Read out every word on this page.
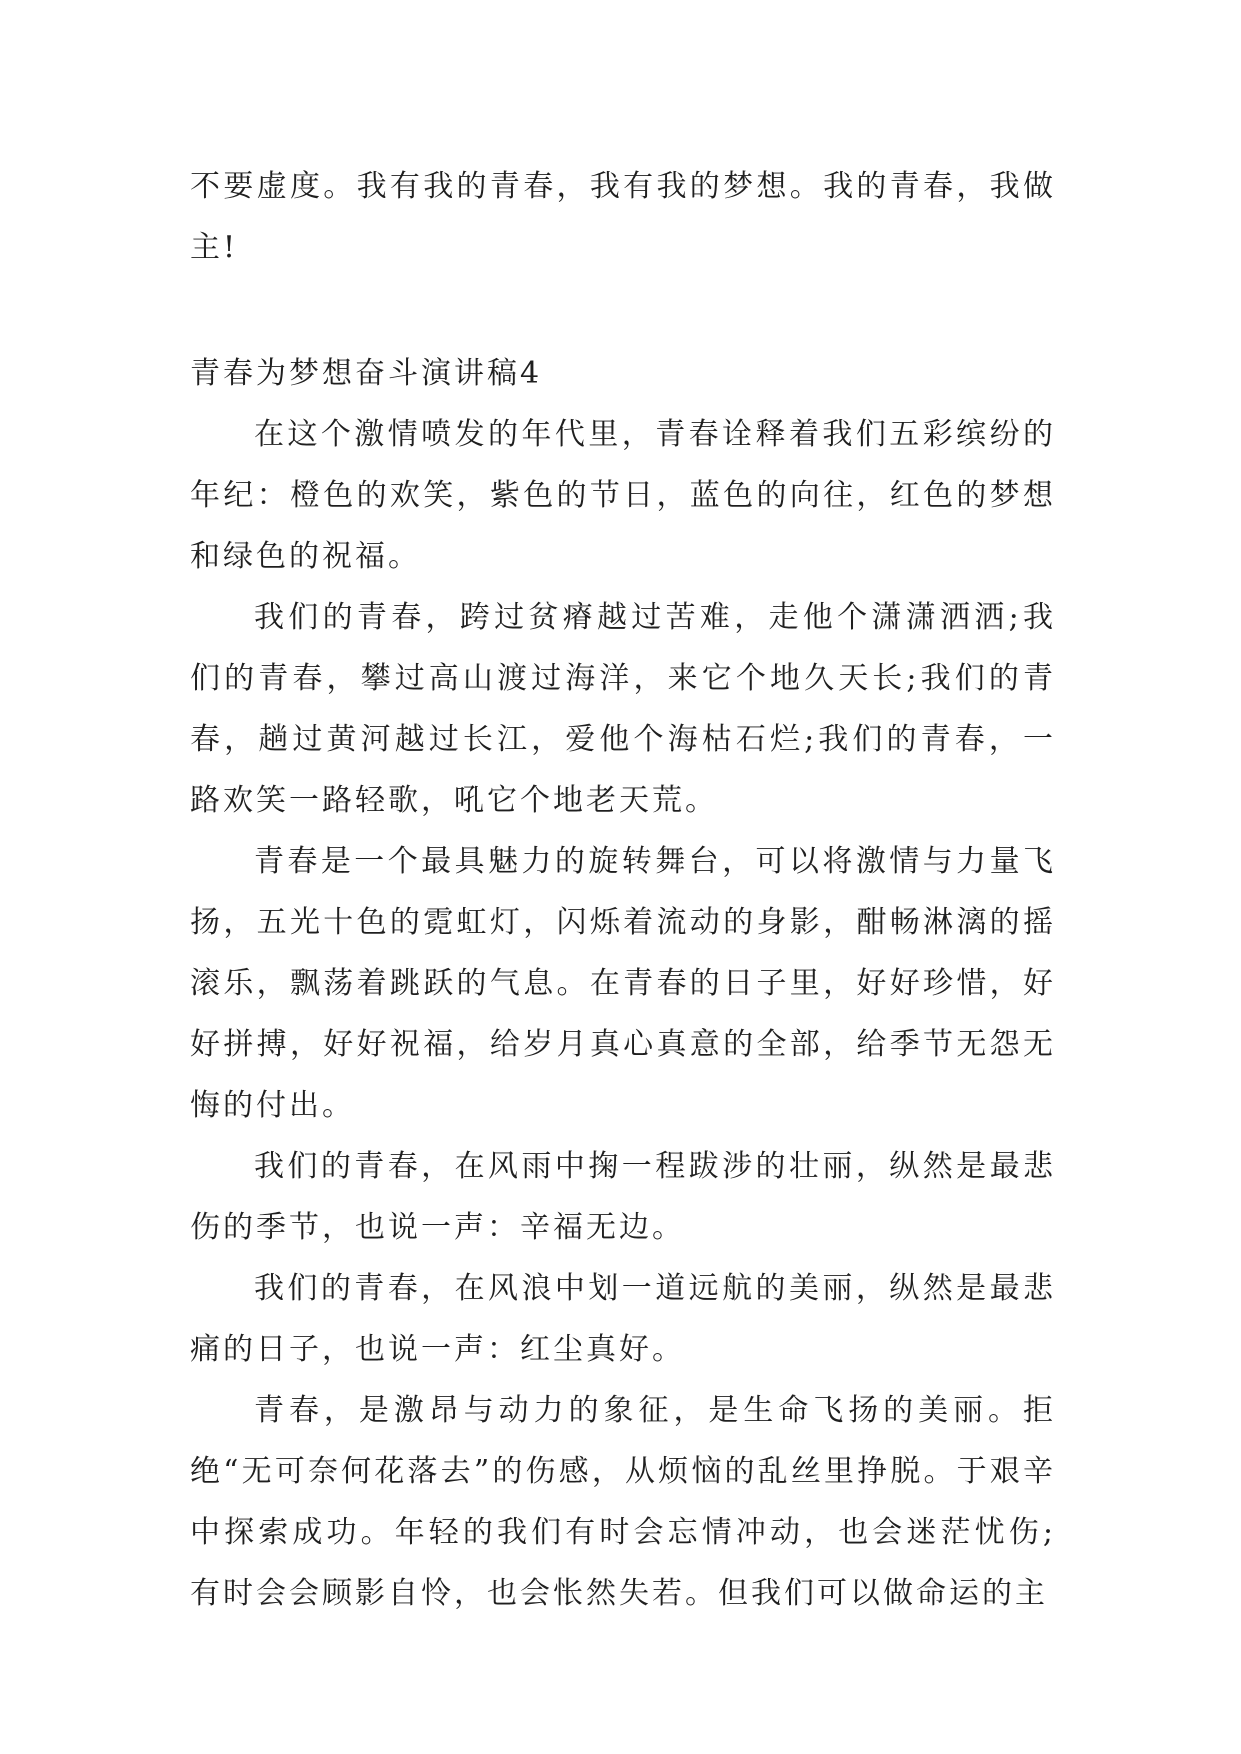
不要虚度。我有我的青春，我有我的梦想。我的青春，我做主!

青春为梦想奋斗演讲稿4

在这个激情喷发的年代里，青春诠释着我们五彩缤纷的年纪：橙色的欢笑，紫色的节日，蓝色的向往，红色的梦想和绿色的祝福。

我们的青春，跨过贫瘠越过苦难，走他个潇潇洒洒;我们的青春，攀过高山渡过海洋，来它个地久天长;我们的青春，趟过黄河越过长江，爱他个海枯石烂;我们的青春，一路欢笑一路轻歌，吼它个地老天荒。

青春是一个最具魅力的旋转舞台，可以将激情与力量飞扬，五光十色的霓虹灯，闪烁着流动的身影，酣畅淋漓的摇滚乐，飘荡着跳跃的气息。在青春的日子里，好好珍惜，好好拼搏，好好祝福，给岁月真心真意的全部，给季节无怨无悔的付出。

我们的青春，在风雨中掬一程跋涉的壮丽，纵然是最悲伤的季节，也说一声：辛福无边。

我们的青春，在风浪中划一道远航的美丽，纵然是最悲痛的日子，也说一声：红尘真好。

青春，是激昂与动力的象征，是生命飞扬的美丽。拒绝“无可奈何花落去”的伤感，从烦恼的乱丝里挣脱。于艰辛中探索成功。年轻的我们有时会忘情冲动，也会迷茫忧伤;有时会会顾影自怜，也会怅然失若。但我们可以做命运的主
